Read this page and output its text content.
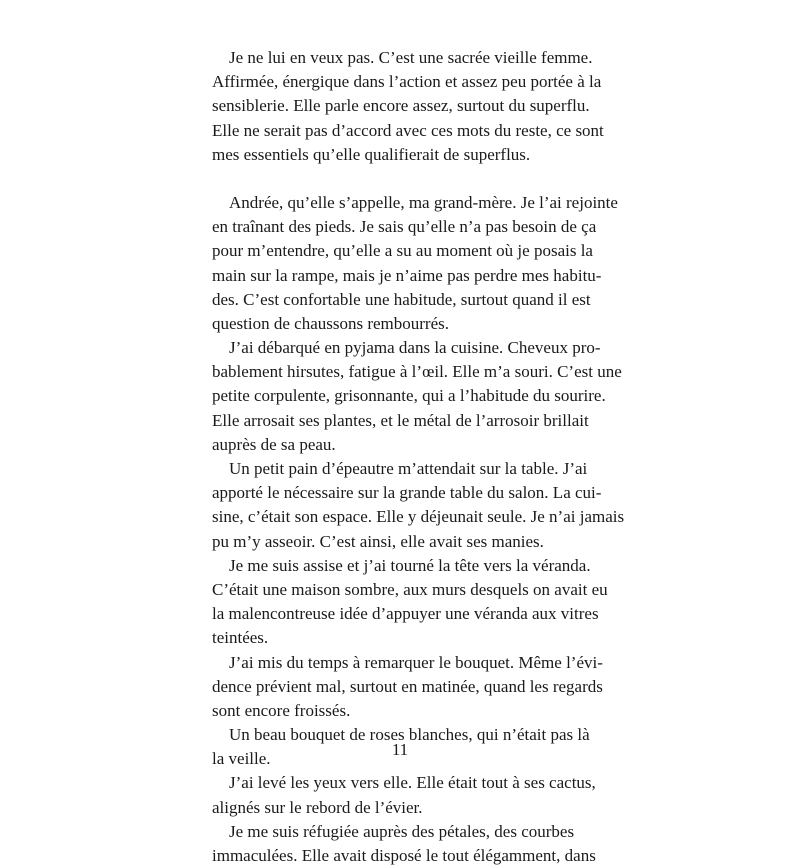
Je ne lui en veux pas. C’est une sacrée vieille femme.
Affirmée, énergique dans l’action et assez peu portée à la
sensiblerie. Elle parle encore assez, surtout du superflu.
Elle ne serait pas d’accord avec ces mots du reste, ce sont
mes essentiels qu’elle qualifierait de superflus.
Andrée, qu’elle s’appelle, ma grand-mère. Je l’ai rejointe
en traînant des pieds. Je sais qu’elle n’a pas besoin de ça
pour m’entendre, qu’elle a su au moment où je posais la
main sur la rampe, mais je n’aime pas perdre mes habitu-
des. C’est confortable une habitude, surtout quand il est
question de chaussons rembourrés.
J’ai débarqué en pyjama dans la cuisine. Cheveux pro-
bablement hirsutes, fatigue à l’œil. Elle m’a souri. C’est une
petite corpulente, grisonnante, qui a l’habitude du sourire.
Elle arrosait ses plantes, et le métal de l’arrosoir brillait
auprès de sa peau.
Un petit pain d’épeautre m’attendait sur la table. J’ai
apporté le nécessaire sur la grande table du salon. La cui-
sine, c’était son espace. Elle y déjeunait seule. Je n’ai jamais
pu m’y asseoir. C’est ainsi, elle avait ses manies.
Je me suis assise et j’ai tourné la tête vers la véranda.
C’était une maison sombre, aux murs desquels on avait eu
la malencontreuse idée d’appuyer une véranda aux vitres
teintées.
J’ai mis du temps à remarquer le bouquet. Même l’évi-
dence prévient mal, surtout en matinée, quand les regards
sont encore froissés.
Un beau bouquet de roses blanches, qui n’était pas là
la veille.
J’ai levé les yeux vers elle. Elle était tout à ses cactus,
alignés sur le rebord de l’évier.
Je me suis réfugiée auprès des pétales, des courbes
immaculées. Elle avait disposé le tout élégamment, dans
11
